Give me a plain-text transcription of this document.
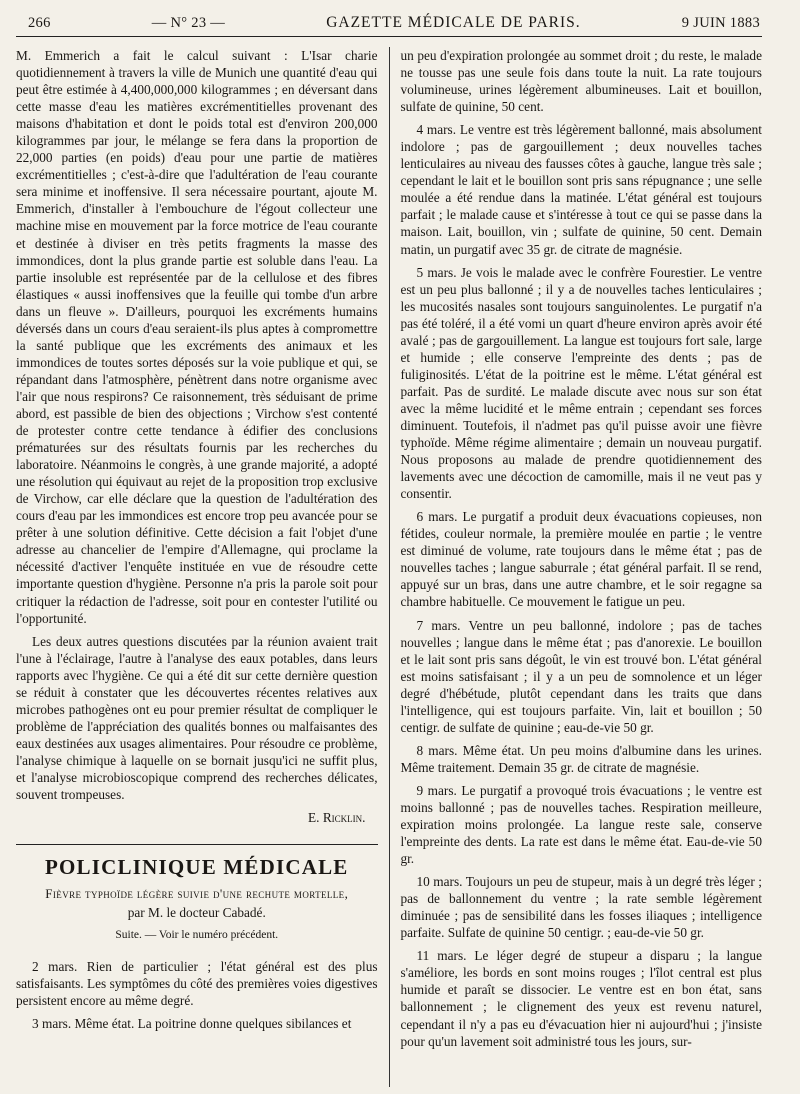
266	— N° 23 —	GAZETTE MÉDICALE DE PARIS.	9 JUIN 1883

M. Emmerich a fait le calcul suivant : L'Isar charie quotidiennement à travers la ville de Munich une quantité d'eau qui peut être estimée à 4,400,000,000 kilogrammes ; en déversant dans cette masse d'eau les matières excrémentitielles provenant des maisons d'habitation et dont le poids total est d'environ 200,000 kilogrammes par jour, le mélange se fera dans la proportion de 22,000 parties (en poids) d'eau pour une partie de matières excrémentitielles ; c'est-à-dire que l'adultération de l'eau courante sera minime et inoffensive. Il sera nécessaire pourtant, ajoute M. Emmerich, d'installer à l'embouchure de l'égout collecteur une machine mise en mouvement par la force motrice de l'eau courante et destinée à diviser en très petits fragments la masse des immondices, dont la plus grande partie est soluble dans l'eau. La partie insoluble est représentée par de la cellulose et des fibres élastiques « aussi inoffensives que la feuille qui tombe d'un arbre dans un fleuve ». D'ailleurs, pourquoi les excréments humains déversés dans un cours d'eau seraient-ils plus aptes à compromettre la santé publique que les excréments des animaux et les immondices de toutes sortes déposés sur la voie publique et qui, se répandant dans l'atmosphère, pénètrent dans notre organisme avec l'air que nous respirons? Ce raisonnement, très séduisant de prime abord, est passible de bien des objections ; Virchow s'est contenté de protester contre cette tendance à édifier des conclusions prématurées sur des résultats fournis par les recherches du laboratoire. Néanmoins le congrès, à une grande majorité, a adopté une résolution qui équivaut au rejet de la proposition trop exclusive de Virchow, car elle déclare que la question de l'adultération des cours d'eau par les immondices est encore trop peu avancée pour se prêter à une solution définitive. Cette décision a fait l'objet d'une adresse au chancelier de l'empire d'Allemagne, qui proclame la nécessité d'activer l'enquête instituée en vue de résoudre cette importante question d'hygiène. Personne n'a pris la parole soit pour critiquer la rédaction de l'adresse, soit pour en contester l'utilité ou l'opportunité.

Les deux autres questions discutées par la réunion avaient trait l'une à l'éclairage, l'autre à l'analyse des eaux potables, dans leurs rapports avec l'hygiène. Ce qui a été dit sur cette dernière question se réduit à constater que les découvertes récentes relatives aux microbes pathogènes ont eu pour premier résultat de compliquer le problème de l'appréciation des qualités bonnes ou malfaisantes des eaux destinées aux usages alimentaires. Pour résoudre ce problème, l'analyse chimique à laquelle on se bornait jusqu'ici ne suffit plus, et l'analyse microbioscopique comprend des recherches délicates, souvent trompeuses.

E. Ricklin.
POLICLINIQUE MÉDICALE
Fièvre typhoïde légère suivie d'une rechute mortelle,
par M. le docteur Cabadé.
Suite. — Voir le numéro précédent.

2 mars. Rien de particulier ; l'état général est des plus satisfaisants. Les symptômes du côté des premières voies digestives persistent encore au même degré.

3 mars. Même état. La poitrine donne quelques sibilances et

un peu d'expiration prolongée au sommet droit ; du reste, le malade ne tousse pas une seule fois dans toute la nuit. La rate toujours volumineuse, urines légèrement albumineuses. Lait et bouillon, sulfate de quinine, 50 cent.

4 mars. Le ventre est très légèrement ballonné, mais absolument indolore ; pas de gargouillement ; deux nouvelles taches lenticulaires au niveau des fausses côtes à gauche, langue très sale ; cependant le lait et le bouillon sont pris sans répugnance ; une selle moulée a été rendue dans la matinée. L'état général est toujours parfait ; le malade cause et s'intéresse à tout ce qui se passe dans la maison. Lait, bouillon, vin ; sulfate de quinine, 50 cent. Demain matin, un purgatif avec 35 gr. de citrate de magnésie.

5 mars. Je vois le malade avec le confrère Fourestier. Le ventre est un peu plus ballonné ; il y a de nouvelles taches lenticulaires ; les mucosités nasales sont toujours sanguinolentes. Le purgatif n'a pas été toléré, il a été vomi un quart d'heure environ après avoir été avalé ; pas de gargouillement. La langue est toujours fort sale, large et humide ; elle conserve l'empreinte des dents ; pas de fuliginosités. L'état de la poitrine est le même. L'état général est parfait. Pas de surdité. Le malade discute avec nous sur son état avec la même lucidité et le même entrain ; cependant ses forces diminuent. Toutefois, il n'admet pas qu'il puisse avoir une fièvre typhoïde. Même régime alimentaire ; demain un nouveau purgatif. Nous proposons au malade de prendre quotidiennement des lavements avec une décoction de camomille, mais il ne veut pas y consentir.

6 mars. Le purgatif a produit deux évacuations copieuses, non fétides, couleur normale, la première moulée en partie ; le ventre est diminué de volume, rate toujours dans le même état ; pas de nouvelles taches ; langue saburrale ; état général parfait. Il se rend, appuyé sur un bras, dans une autre chambre, et le soir regagne sa chambre habituelle. Ce mouvement le fatigue un peu.

7 mars. Ventre un peu ballonné, indolore ; pas de taches nouvelles ; langue dans le même état ; pas d'anorexie. Le bouillon et le lait sont pris sans dégoût, le vin est trouvé bon. L'état général est moins satisfaisant ; il y a un peu de somnolence et un léger degré d'hébétude, plutôt cependant dans les traits que dans l'intelligence, qui est toujours parfaite. Vin, lait et bouillon ; 50 centigr. de sulfate de quinine ; eau-de-vie 50 gr.

8 mars. Même état. Un peu moins d'albumine dans les urines. Même traitement. Demain 35 gr. de citrate de magnésie.

9 mars. Le purgatif a provoqué trois évacuations ; le ventre est moins ballonné ; pas de nouvelles taches. Respiration meilleure, expiration moins prolongée. La langue reste sale, conserve l'empreinte des dents. La rate est dans le même état. Eau-de-vie 50 gr.

10 mars. Toujours un peu de stupeur, mais à un degré très léger ; pas de ballonnement du ventre ; la rate semble légèrement diminuée ; pas de sensibilité dans les fosses iliaques ; intelligence parfaite. Sulfate de quinine 50 centigr. ; eau-de-vie 50 gr.

11 mars. Le léger degré de stupeur a disparu ; la langue s'améliore, les bords en sont moins rouges ; l'îlot central est plus humide et paraît se dissocier. Le ventre est en bon état, sans ballonnement ; le clignement des yeux est revenu naturel, cependant il n'y a pas eu d'évacuation hier ni aujourd'hui ; j'insiste pour qu'un lavement soit administré tous les jours, sur-
